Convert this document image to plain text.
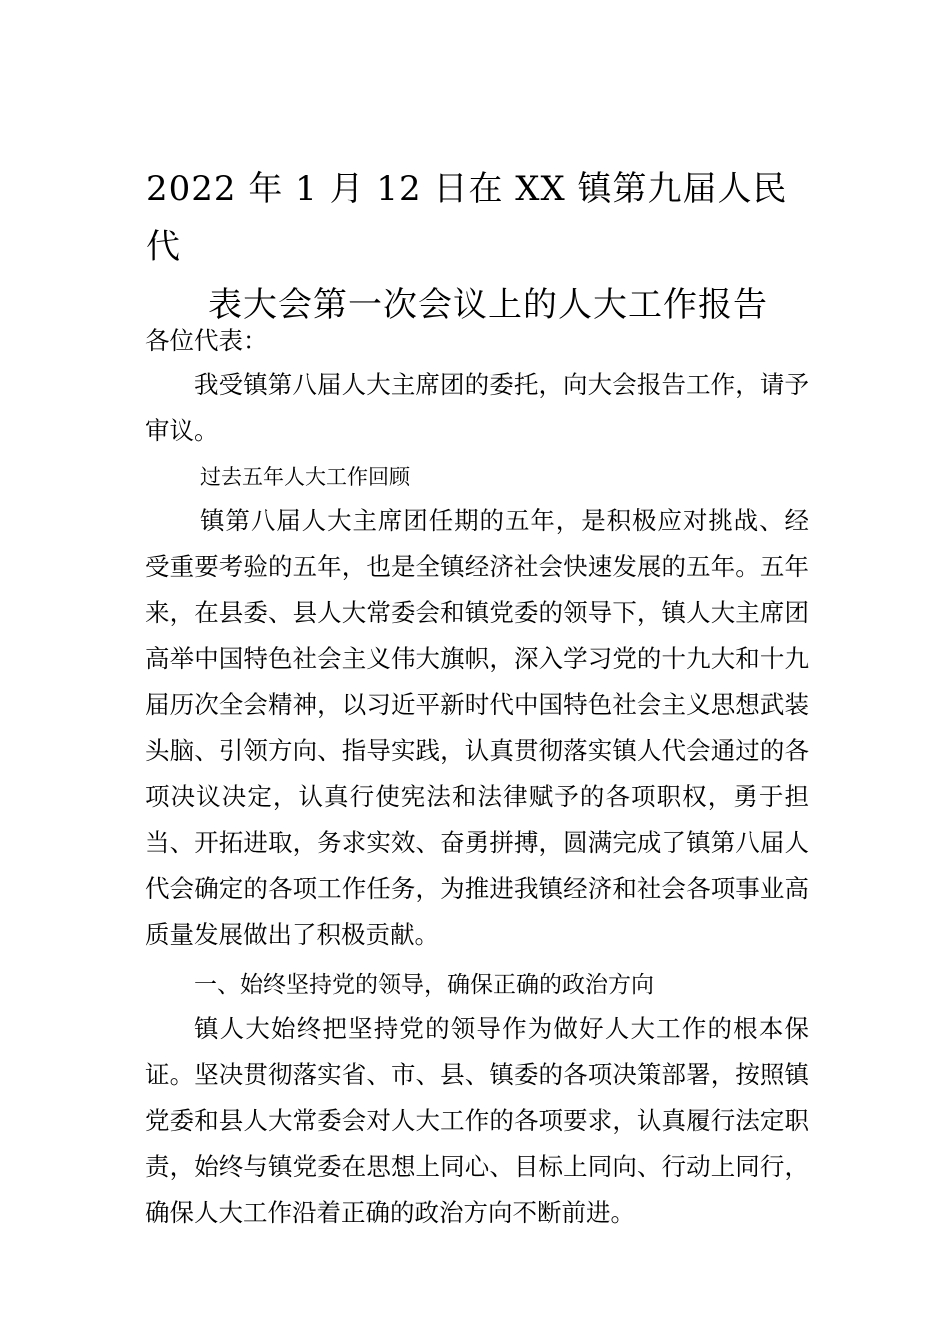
2022 年 1 月 12 日在 XX 镇第九届人民代
表大会第一次会议上的人大工作报告

各位代表：

我受镇第八届人大主席团的委托，向大会报告工作，请予审议。

过去五年人大工作回顾

镇第八届人大主席团任期的五年，是积极应对挑战、经受重要考验的五年，也是全镇经济社会快速发展的五年。五年来，在县委、县人大常委会和镇党委的领导下，镇人大主席团高举中国特色社会主义伟大旗帜，深入学习党的十九大和十九届历次全会精神，以习近平新时代中国特色社会主义思想武装头脑、引领方向、指导实践，认真贯彻落实镇人代会通过的各项决议决定，认真行使宪法和法律赋予的各项职权，勇于担当、开拓进取，务求实效、奋勇拼搏，圆满完成了镇第八届人代会确定的各项工作任务，为推进我镇经济和社会各项事业高质量发展做出了积极贡献。

一、始终坚持党的领导，确保正确的政治方向

镇人大始终把坚持党的领导作为做好人大工作的根本保证。坚决贯彻落实省、市、县、镇委的各项决策部署，按照镇党委和县人大常委会对人大工作的各项要求，认真履行法定职责，始终与镇党委在思想上同心、目标上同向、行动上同行，确保人大工作沿着正确的政治方向不断前进。
